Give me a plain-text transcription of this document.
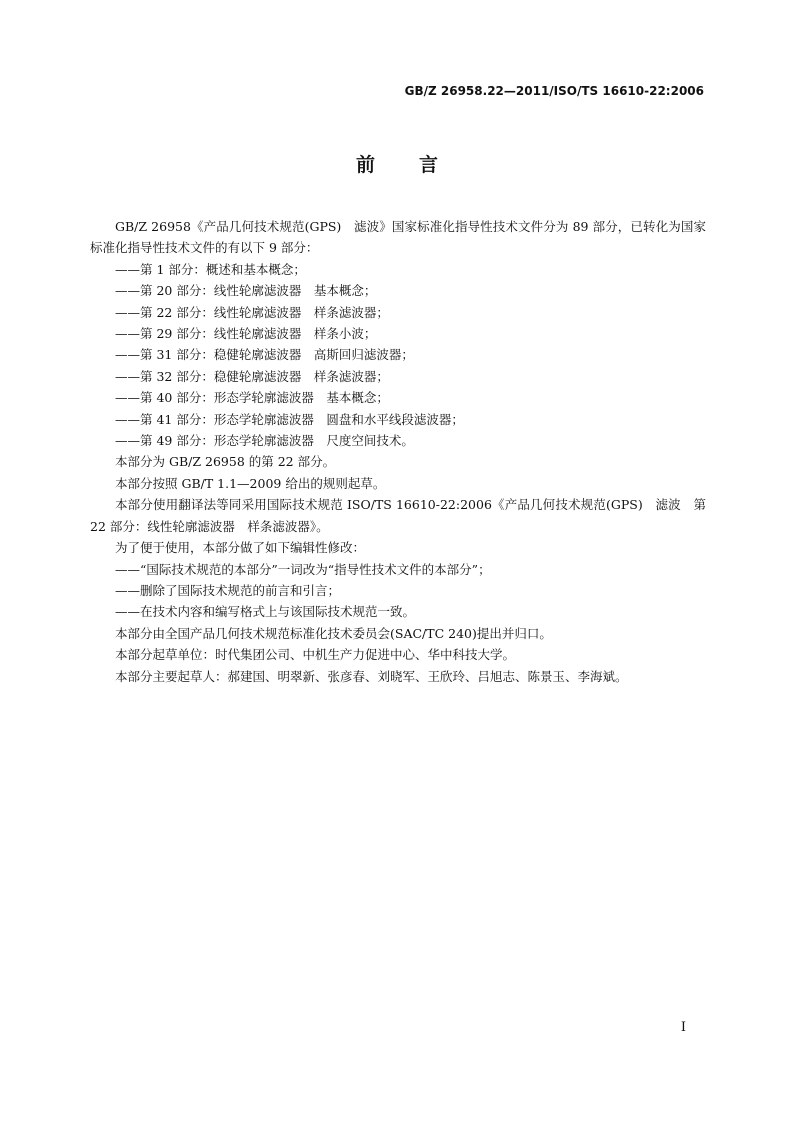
GB/Z 26958.22—2011/ISO/TS 16610-22:2006
前言

GB/Z 26958《产品几何技术规范(GPS)　滤波》国家标准化指导性技术文件分为 89 部分，已转化为国家标准化指导性技术文件的有以下 9 部分：

——第 1 部分：概述和基本概念；

——第 20 部分：线性轮廓滤波器　基本概念；

——第 22 部分：线性轮廓滤波器　样条滤波器；

——第 29 部分：线性轮廓滤波器　样条小波；

——第 31 部分：稳健轮廓滤波器　高斯回归滤波器；

——第 32 部分：稳健轮廓滤波器　样条滤波器；

——第 40 部分：形态学轮廓滤波器　基本概念；

——第 41 部分：形态学轮廓滤波器　圆盘和水平线段滤波器；

——第 49 部分：形态学轮廓滤波器　尺度空间技术。

本部分为 GB/Z 26958 的第 22 部分。

本部分按照 GB/T 1.1—2009 给出的规则起草。

本部分使用翻译法等同采用国际技术规范 ISO/TS 16610-22:2006《产品几何技术规范(GPS)　滤波　第 22 部分：线性轮廓滤波器　样条滤波器》。

为了便于使用，本部分做了如下编辑性修改：

——“国际技术规范的本部分”一词改为“指导性技术文件的本部分”；

——删除了国际技术规范的前言和引言；

——在技术内容和编写格式上与该国际技术规范一致。

本部分由全国产品几何技术规范标准化技术委员会(SAC/TC 240)提出并归口。

本部分起草单位：时代集团公司、中机生产力促进中心、华中科技大学。

本部分主要起草人：郝建国、明翠新、张彦春、刘晓军、王欣玲、吕旭志、陈景玉、李海斌。

I
